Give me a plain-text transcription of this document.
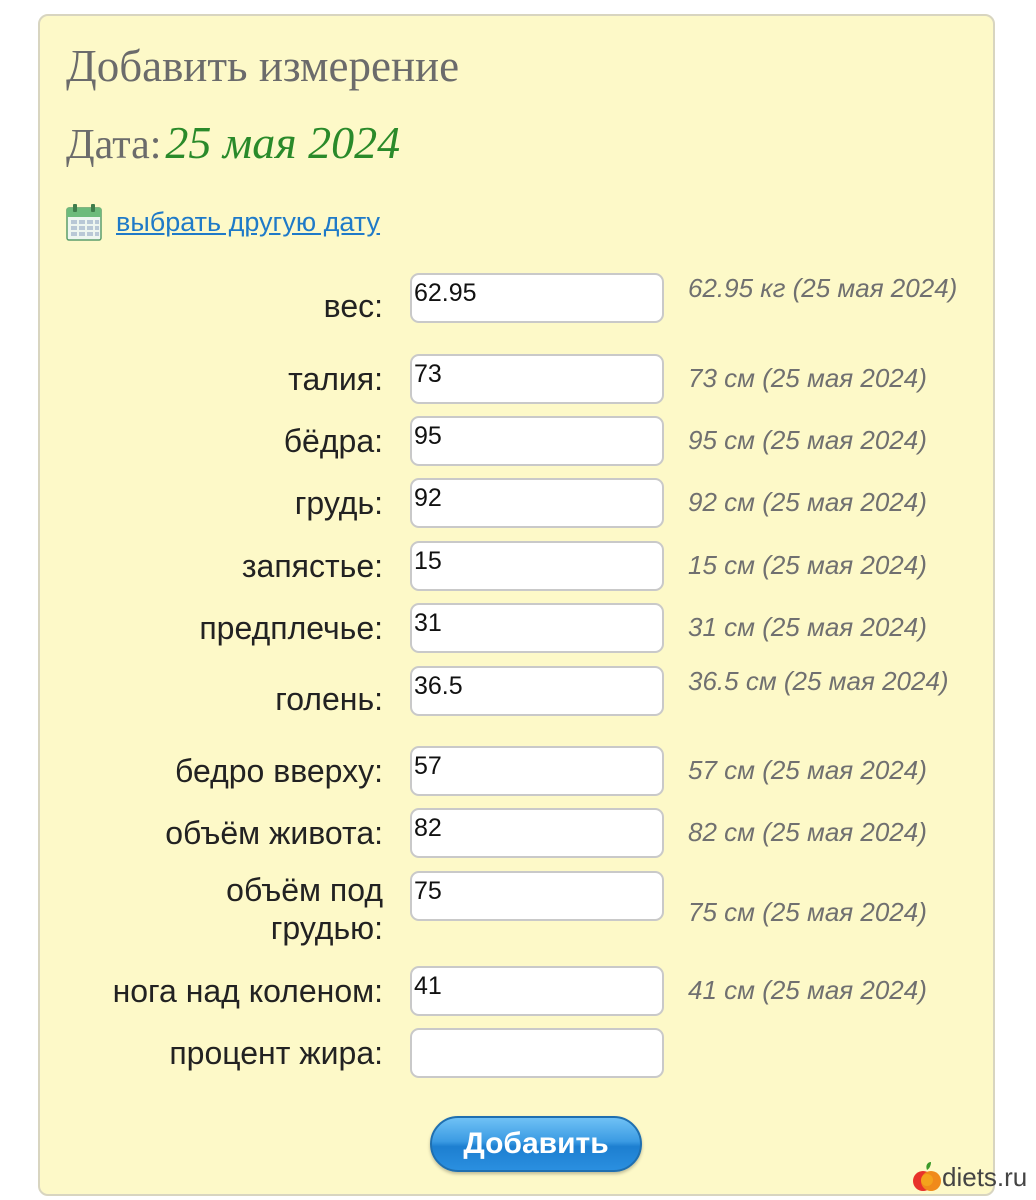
Добавить измерение
Дата: 25 мая 2024
выбрать другую дату
вес:
62.95	62.95 кг (25 мая 2024)
талия:
73	73 см (25 мая 2024)
бёдра:
95	95 см (25 мая 2024)
грудь:
92	92 см (25 мая 2024)
запястье:
15	15 см (25 мая 2024)
предплечье:
31	31 см (25 мая 2024)
голень:
36.5	36.5 см (25 мая 2024)
бедро вверху:
57	57 см (25 мая 2024)
объём живота:
82	82 см (25 мая 2024)
объём под грудью:
75	75 см (25 мая 2024)
нога над коленом:
41	41 см (25 мая 2024)
процент жира:
Добавить
diets.ru
